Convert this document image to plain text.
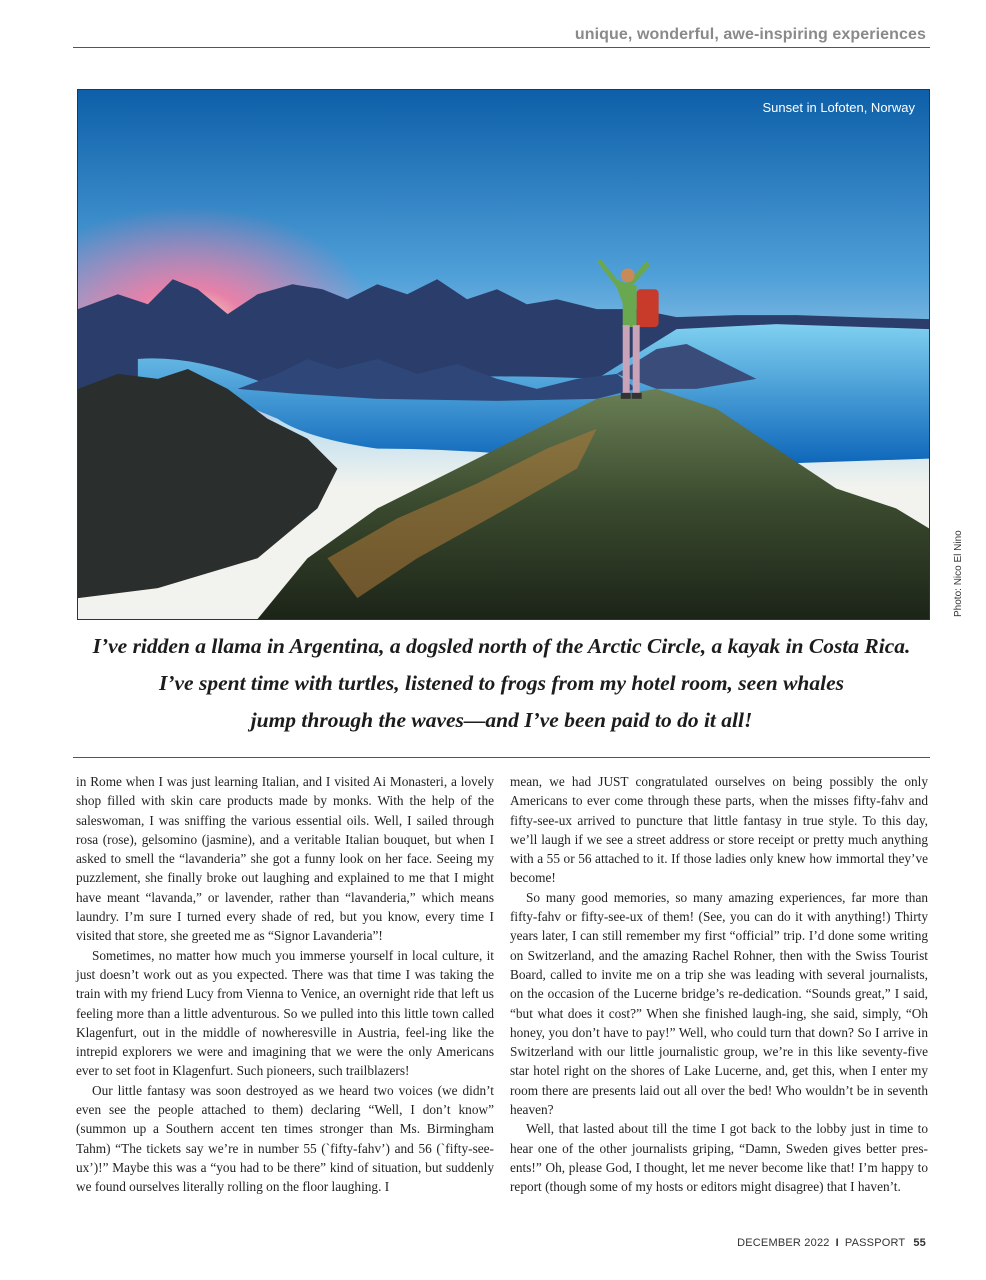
unique, wonderful, awe-inspiring experiences
Sunset in Lofoten, Norway
Photo: Nico El Nino
I’ve ridden a llama in Argentina, a dogsled north of the Arctic Circle, a kayak in Costa Rica.
I’ve spent time with turtles, listened to frogs from my hotel room, seen whales
jump through the waves—and I’ve been paid to do it all!

in Rome when I was just learning Italian, and I visited Ai Monasteri, a lovely shop filled with skin care products made by monks. With the help of the saleswoman, I was sniffing the various essential oils. Well, I sailed through rosa (rose), gelsomino (jasmine), and a veritable Italian bouquet, but when I asked to smell the “lavanderia” she got a funny look on her face. Seeing my puzzlement, she finally broke out laughing and explained to me that I might have meant “lavanda,” or lavender, rather than “lavanderia,” which means laundry. I’m sure I turned every shade of red, but you know, every time I visited that store, she greeted me as “Signor Lavanderia”!

Sometimes, no matter how much you immerse yourself in local culture, it just doesn’t work out as you expected. There was that time I was taking the train with my friend Lucy from Vienna to Venice, an overnight ride that left us feeling more than a little adventurous. So we pulled into this little town called Klagenfurt, out in the middle of nowheresville in Austria, feel-ing like the intrepid explorers we were and imagining that we were the only Americans ever to set foot in Klagenfurt. Such pioneers, such trailblazers!

Our little fantasy was soon destroyed as we heard two voices (we didn’t even see the people attached to them) declaring “Well, I don’t know” (summon up a Southern accent ten times stronger than Ms. Birmingham Tahm) “The tickets say we’re in number 55 (`fifty-fahv’) and 56 (`fifty-see-ux’)!” Maybe this was a “you had to be there” kind of situation, but suddenly we found ourselves literally rolling on the floor laughing. I

mean, we had JUST congratulated ourselves on being possibly the only Americans to ever come through these parts, when the misses fifty-fahv and fifty-see-ux arrived to puncture that little fantasy in true style. To this day, we’ll laugh if we see a street address or store receipt or pretty much anything with a 55 or 56 attached to it. If those ladies only knew how immortal they’ve become!

So many good memories, so many amazing experiences, far more than fifty-fahv or fifty-see-ux of them! (See, you can do it with anything!) Thirty years later, I can still remember my first “official” trip. I’d done some writing on Switzerland, and the amazing Rachel Rohner, then with the Swiss Tourist Board, called to invite me on a trip she was leading with several journalists, on the occasion of the Lucerne bridge’s re-dedication. “Sounds great,” I said, “but what does it cost?” When she finished laugh-ing, she said, simply, “Oh honey, you don’t have to pay!” Well, who could turn that down? So I arrive in Switzerland with our little journalistic group, we’re in this like seventy-five star hotel right on the shores of Lake Lucerne, and, get this, when I enter my room there are presents laid out all over the bed! Who wouldn’t be in seventh heaven?

Well, that lasted about till the time I got back to the lobby just in time to hear one of the other journalists griping, “Damn, Sweden gives better pres-ents!” Oh, please God, I thought, let me never become like that! I’m happy to report (though some of my hosts or editors might disagree) that I haven’t.

DECEMBER 2022 I PASSPORT 55
